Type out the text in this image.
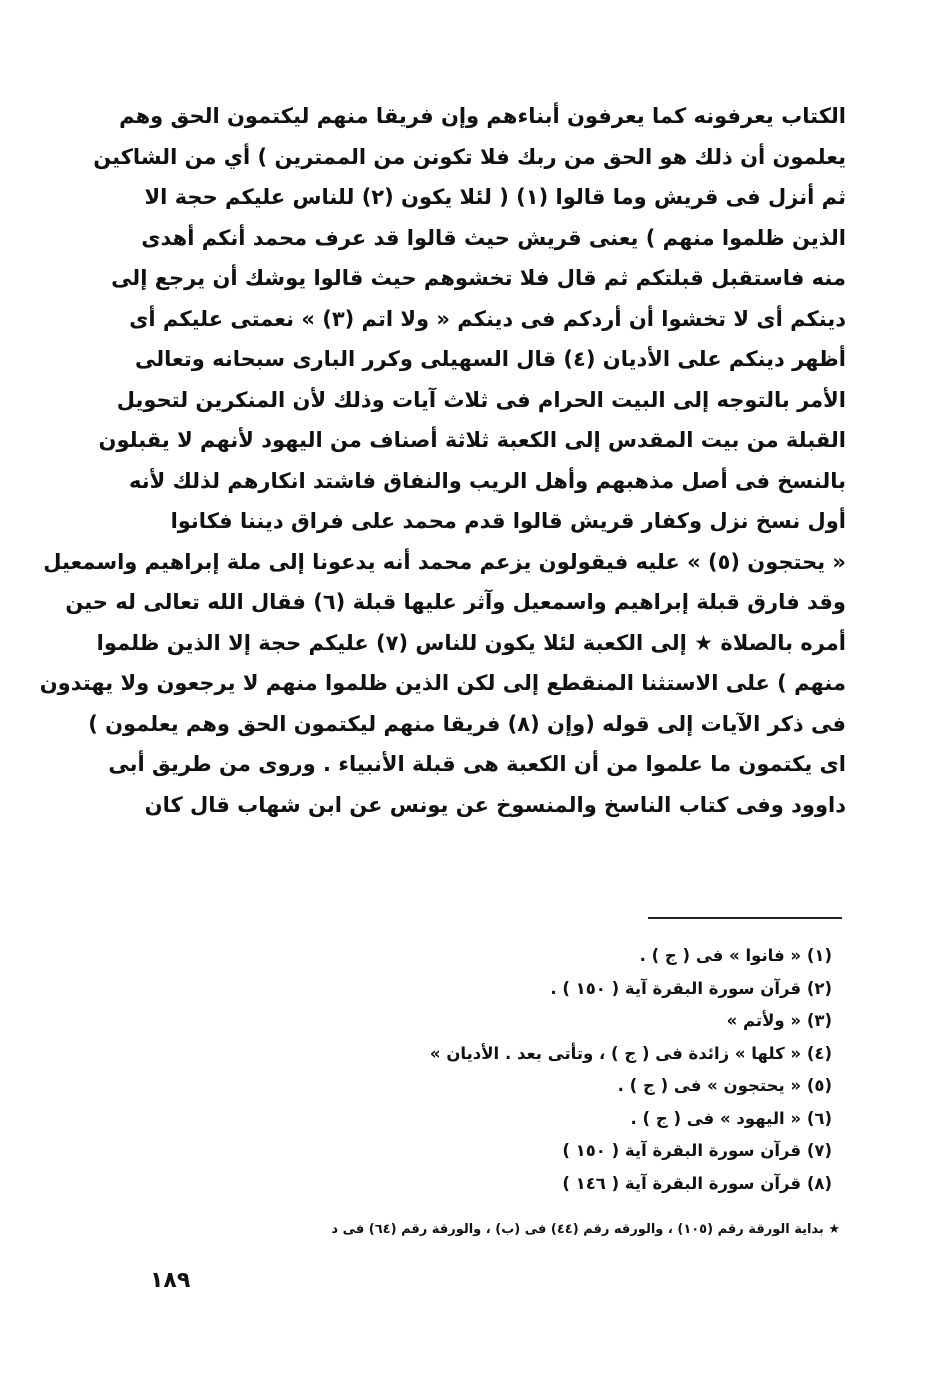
الكتاب يعرفونه كما يعرفون أبناءهم وإن فريقا منهم ليكتمون الحق وهم
يعلمون أن ذلك هو الحق من ربك فلا تكونن من الممترين ) أي من الشاكين
ثم أنزل فى قريش وما قالوا (١) ( لئلا يكون (٢) للناس عليكم حجة الا
الذين ظلموا منهم ) يعنى قريش حيث قالوا قد عرف محمد أنكم أهدى
منه فاستقبل قبلتكم ثم قال فلا تخشوهم حيث قالوا يوشك أن يرجع إلى
دينكم أى لا تخشوا أن أردكم فى دينكم « ولا اتم (٣) » نعمتى عليكم أى
أظهر دينكم على الأديان (٤) قال السهيلى وكرر البارى سبحانه وتعالى
الأمر بالتوجه إلى البيت الحرام فى ثلاث آيات وذلك لأن المنكرين لتحويل
القبلة من بيت المقدس إلى الكعبة ثلاثة أصناف من اليهود لأنهم لا يقبلون
بالنسخ فى أصل مذهبهم وأهل الريب والنفاق فاشتد انكارهم لذلك لأنه
أول نسخ نزل وكفار قريش قالوا قدم محمد على فراق ديننا فكانوا
« يحتجون (٥) » عليه فيقولون يزعم محمد أنه يدعونا إلى ملة إبراهيم واسمعيل
وقد فارق قبلة إبراهيم واسمعيل وآثر عليها قبلة (٦) فقال الله تعالى له حين
أمره بالصلاة ★ إلى الكعبة لئلا يكون للناس (٧) عليكم حجة إلا الذين ظلموا
منهم ) على الاستثنا المنقطع إلى لكن الذين ظلموا منهم لا يرجعون ولا يهتدون
فى ذكر الآيات إلى قوله (وإن (٨) فريقا منهم ليكتمون الحق وهم يعلمون )
اى يكتمون ما علموا من أن الكعبة هى قبلة الأنبياء . وروى من طريق أبى
داوود وفى كتاب الناسخ والمنسوخ عن يونس عن ابن شهاب قال كان
(١) « فانوا » فى ( ج ) .
(٢) قرآن سورة البقرة آية ( ١٥٠ ) .
(٣) « ولأتم »
(٤) « كلها » زائدة فى ( ج ) ، وتأتى بعد . الأديان »
(٥) « يحتجون » فى ( ج ) .
(٦) « اليهود » فى ( ج ) .
(٧) قرآن سورة البقرة آية ( ١٥٠ )
(٨) قرآن سورة البقرة آية ( ١٤٦ )
★ بداية الورقة رقم (١٠٥) ، والورقه رقم (٤٤) فى (ب) ، والورقة رقم (٦٤) فى د
١٨٩
